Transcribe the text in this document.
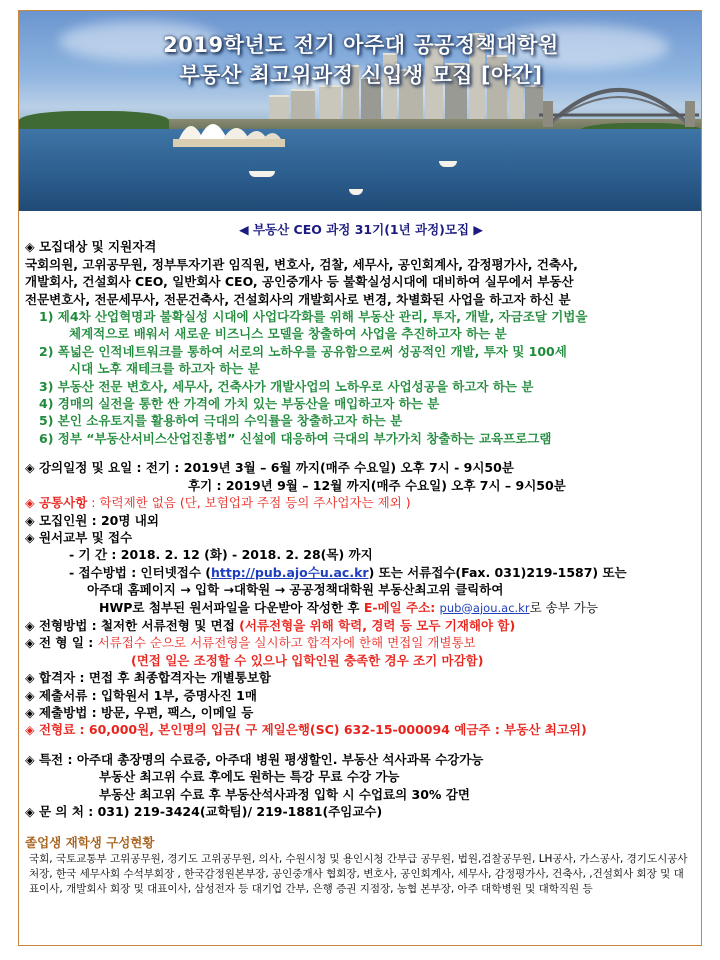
2019학년도 전기 아주대 공공정책대학원
부동산 최고위과정 신입생 모집 [야간]
◀ 부동산 CEO 과정 31기(1년 과정)모집 ▶
◈ 모집대상 및 지원자격
국회의원, 고위공무원, 정부투자기관 임직원, 변호사, 검찰, 세무사, 공인회계사, 감정평가사, 건축사,
개발회사, 건설회사 CEO, 일반회사 CEO, 공인중개사 등 불확실성시대에 대비하여 실무에서 부동산
전문변호사, 전문세무사, 전문건축사, 건설회사의 개발회사로 변경, 차별화된 사업을 하고자 하신 분
1) 제4차 산업혁명과 불확실성 시대에 사업다각화를 위해 부동산 관리, 투자, 개발, 자금조달 기법을
체계적으로 배워서 새로운 비즈니스 모델을 창출하여 사업을 추진하고자 하는 분
2) 폭넓은 인적네트워크를 통하여 서로의 노하우를 공유함으로써 성공적인 개발, 투자 및 100세
시대 노후 재테크를 하고자 하는 분
3) 부동산 전문 변호사, 세무사, 건축사가 개발사업의 노하우로 사업성공을 하고자 하는 분
4) 경매의 실전을 통한 싼 가격에 가치 있는 부동산을 매입하고자 하는 분
5) 본인 소유토지를 활용하여 극대의 수익률을 창출하고자 하는 분
6) 정부 “부동산서비스산업진흥법” 신설에 대응하여 극대의 부가가치 창출하는 교육프로그램
◈ 강의일정 및 요일 : 전기 : 2019년 3월 – 6월 까지(매주 수요일) 오후 7시 - 9시50분
후기 : 2019년 9월 – 12월 까지(매주 수요일) 오후 7시 – 9시50분
◈ 공통사항 : 학력제한 없음 (단, 보험업과 주점 등의 주사업자는 제외 )
◈ 모집인원 : 20명 내외
◈ 원서교부 및 접수
- 기 간 : 2018. 2. 12 (화) - 2018. 2. 28(목) 까지
- 접수방법 : 인터넷접수 (http://pub.ajo수u.ac.kr) 또는 서류접수(Fax. 031)219-1587) 또는
아주대 홈페이지 → 입학 →대학원 → 공공정책대학원 부동산최고위 클릭하여
HWP로 첨부된 원서파일을 다운받아 작성한 후 E-메일 주소: pub@ajou.ac.kr로 송부 가능
◈ 전형방법 : 철저한 서류전형 및 면접 (서류전형을 위해 학력, 경력 등 모두 기재해야 함)
◈ 전 형 일 : 서류접수 순으로 서류전형을 실시하고 합격자에 한해 면접일 개별통보
(면접 일은 조정할 수 있으나 입학인원 충족한 경우 조기 마감함)
◈ 합격자 : 면접 후 최종합격자는 개별통보함
◈ 제출서류 : 입학원서 1부, 증명사진 1매
◈ 제출방법 : 방문, 우편, 팩스, 이메일 등
◈ 전형료 : 60,000원, 본인명의 입금( 구 제일은행(SC) 632-15-000094 예금주 : 부동산 최고위)
◈ 특전 : 아주대 총장명의 수료증, 아주대 병원 평생할인. 부동산 석사과목 수강가능
부동산 최고위 수료 후에도 원하는 특강 무료 수강 가능
부동산 최고위 수료 후 부동산석사과정 입학 시 수업료의 30% 감면
◈ 문 의 처 : 031) 219-3424(교학팀)/ 219-1881(주임교수)
졸업생 재학생 구성현황
국회, 국토교통부 고위공무원, 경기도 고위공무원, 의사, 수원시청 및 용인시청 간부급 공무원, 법원,검찰공무원, LH공사, 가스공사, 경기도시공사 처장, 한국 세무사회 수석부회장 , 한국감정원본부장, 공인중개사 협회장, 변호사, 공인회계사, 세무사, 감정평가사, 건축사, ,건설회사 회장 및 대표이사, 개발회사 회장 및 대표이사, 삼성전자 등 대기업 간부, 은행 증권 지점장, 농협 본부장, 아주 대학병원 및 대학직원 등
